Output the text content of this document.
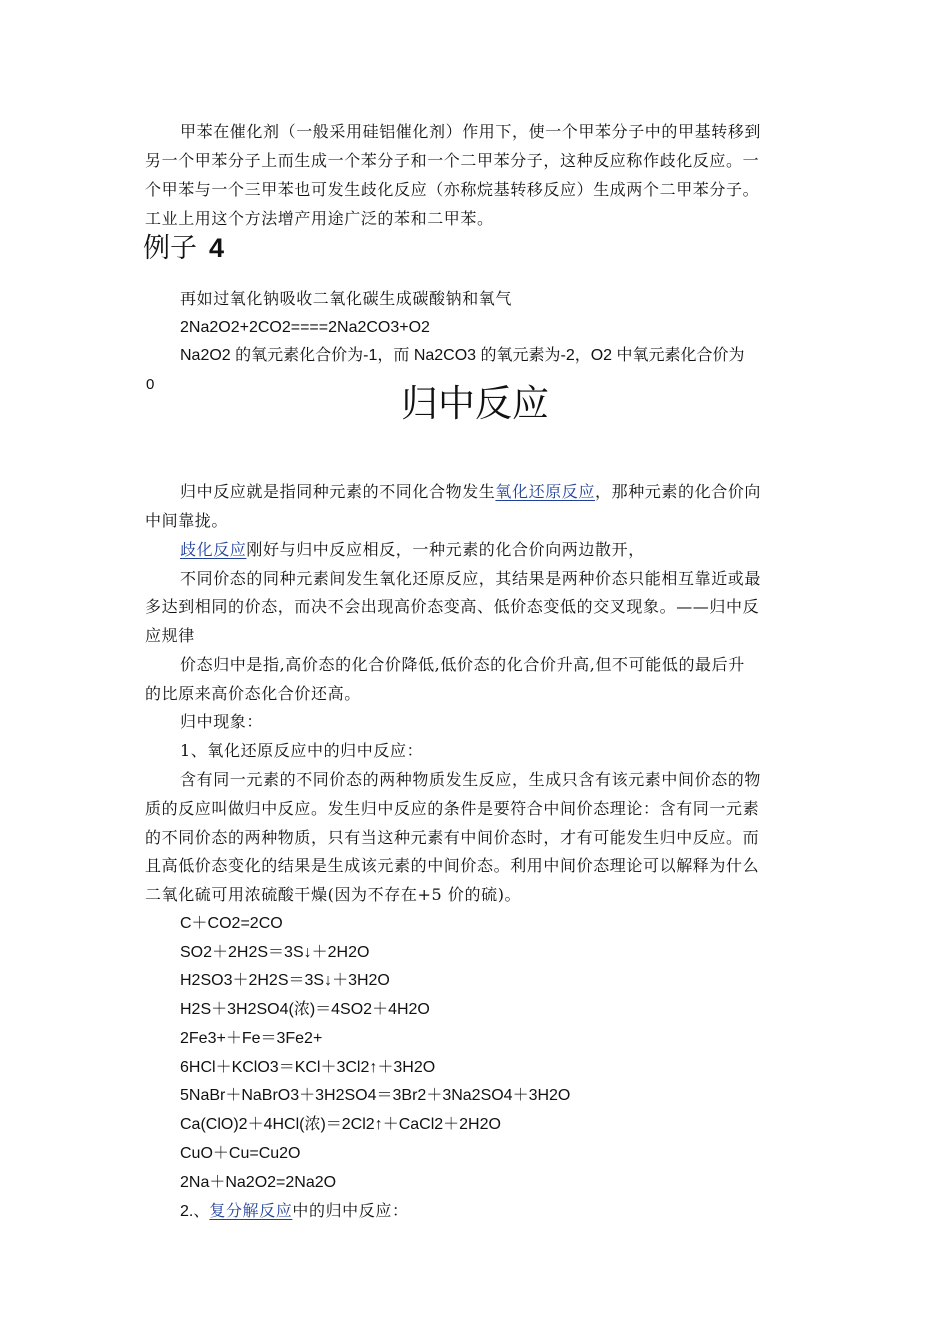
甲苯在催化剂（一般采用硅铝催化剂）作用下，使一个甲苯分子中的甲基转移到
另一个甲苯分子上而生成一个苯分子和一个二甲苯分子，这种反应称作歧化反应。一
个甲苯与一个三甲苯也可发生歧化反应（亦称烷基转移反应）生成两个二甲苯分子。
工业上用这个方法增产用途广泛的苯和二甲苯。
例子 4
再如过氧化钠吸收二氧化碳生成碳酸钠和氧气
2Na2O2+2CO2====2Na2CO3+O2
Na2O2 的氧元素化合价为-1，而 Na2CO3 的氧元素为-2，O2 中氧元素化合价为
0	归中反应
归中反应就是指同种元素的不同化合物发生氧化还原反应，那种元素的化合价向
中间靠拢。
歧化反应刚好与归中反应相反，一种元素的化合价向两边散开，
不同价态的同种元素间发生氧化还原反应，其结果是两种价态只能相互靠近或最
多达到相同的价态，而决不会出现高价态变高、低价态变低的交叉现象。——归中反
应规律
价态归中是指,高价态的化合价降低,低价态的化合价升高,但不可能低的最后升
的比原来高价态化合价还高。
归中现象：
1、氧化还原反应中的归中反应：
含有同一元素的不同价态的两种物质发生反应，生成只含有该元素中间价态的物
质的反应叫做归中反应。发生归中反应的条件是要符合中间价态理论：含有同一元素
的不同价态的两种物质，只有当这种元素有中间价态时，才有可能发生归中反应。而
且高低价态变化的结果是生成该元素的中间价态。利用中间价态理论可以解释为什么
二氧化硫可用浓硫酸干燥(因为不存在+5 价的硫)。
C＋CO2=2CO
SO2＋2H2S＝3S↓＋2H2O
H2SO3＋2H2S＝3S↓＋3H2O
H2S＋3H2SO4(浓)＝4SO2＋4H2O
2Fe3+＋Fe＝3Fe2+
6HCl＋KClO3＝KCl＋3Cl2↑＋3H2O
5NaBr＋NaBrO3＋3H2SO4＝3Br2＋3Na2SO4＋3H2O
Ca(ClO)2＋4HCl(浓)＝2Cl2↑＋CaCl2＋2H2O
CuO＋Cu=Cu2O
2Na＋Na2O2=2Na2O
2.、复分解反应中的归中反应：
